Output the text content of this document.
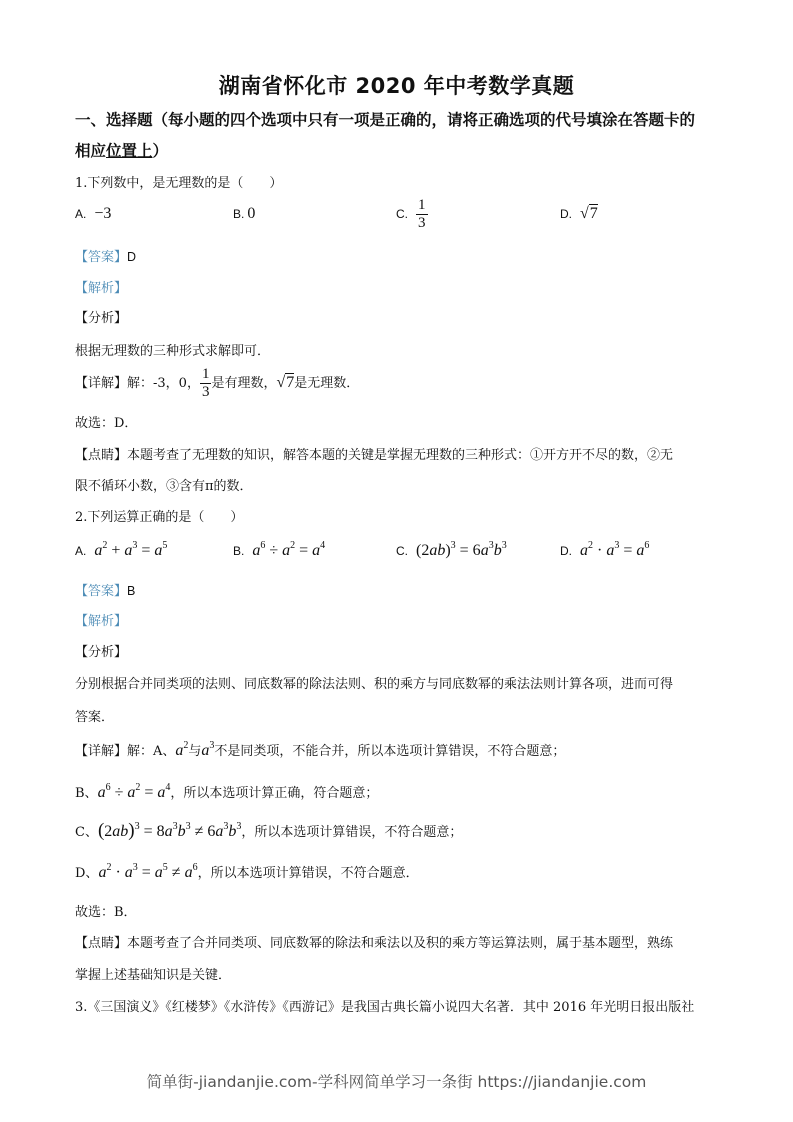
湖南省怀化市 2020 年中考数学真题
一、选择题（每小题的四个选项中只有一项是正确的，请将正确选项的代号填涂在答题卡的
相应位置上）
1.下列数中，是无理数的是（　　）
A. −3	B. 0	C. $\frac{1}{3}$	D. √7
【答案】D
【解析】
【分析】
根据无理数的三种形式求解即可．
【详解】解：-3，0， $\frac{1}{3}$ 是有理数，√7是无理数．
故选：D．
【点睛】本题考查了无理数的知识，解答本题的关键是掌握无理数的三种形式：①开方开不尽的数，②无
限不循环小数，③含有π的数．
2.下列运算正确的是（　　）
A. $a^2 + a^3 = a^5$	B. $a^6 \div a^2 = a^4$	C. $(2ab)^3 = 6a^3b^3$	D. $a^2 \cdot a^3 = a^6$
【答案】B
【解析】
【分析】
分别根据合并同类项的法则、同底数幂的除法法则、积的乘方与同底数幂的乘法法则计算各项，进而可得
答案．
【详解】解：A、$a^2$与$a^3$不是同类项，不能合并，所以本选项计算错误，不符合题意；
B、$a^6 \div a^2 = a^4$，所以本选项计算正确，符合题意；
C、$(2ab)^3 = 8a^3b^3 \ne 6a^3b^3$，所以本选项计算错误，不符合题意；
D、$a^2 \cdot a^3 = a^5 \ne a^6$，所以本选项计算错误，不符合题意．
故选：B．
【点睛】本题考查了合并同类项、同底数幂的除法和乘法以及积的乘方等运算法则，属于基本题型，熟练
掌握上述基础知识是关键．
3.《三国演义》《红楼梦》《水浒传》《西游记》是我国古典长篇小说四大名著．其中 2016 年光明日报出版社
简单街-jiandanjie.com-学科网简单学习一条街 https://jiandanjie.com
